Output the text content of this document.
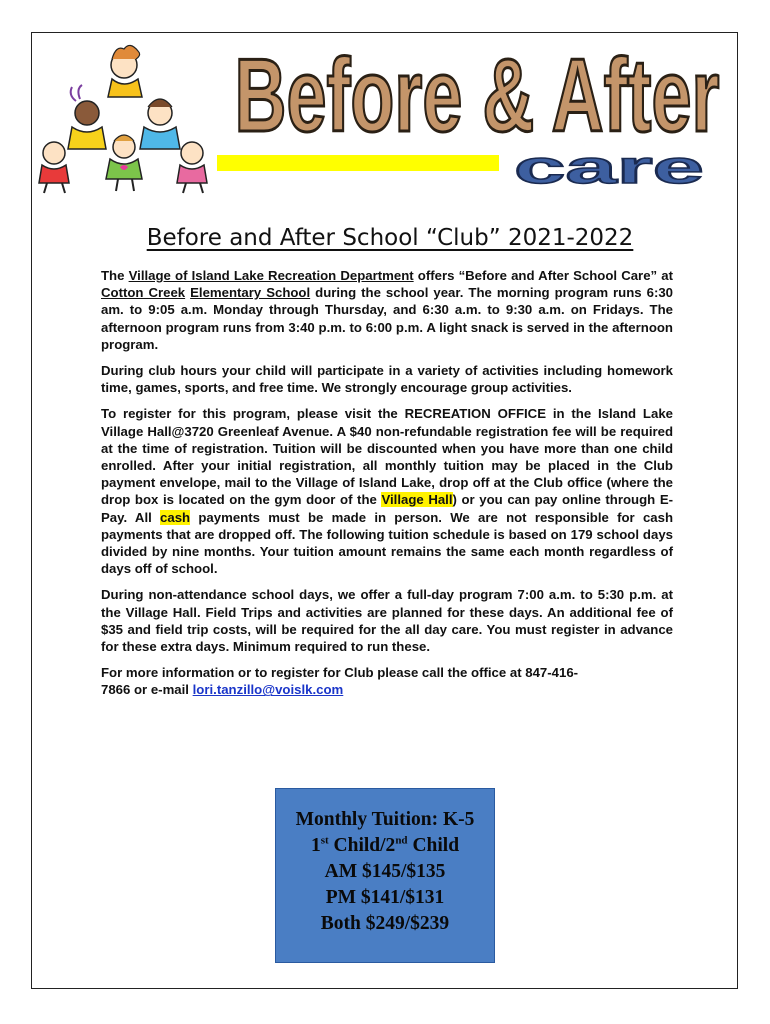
Before & After
care
Before and After School “Club” 2021-2022

The Village of Island Lake Recreation Department offers “Before and After School Care” at Cotton Creek Elementary School during the school year. The morning program runs 6:30 am. to 9:05 a.m. Monday through Thursday, and 6:30 a.m. to 9:30 a.m. on Fridays. The afternoon program runs from 3:40 p.m. to 6:00 p.m. A light snack is served in the afternoon program.

During club hours your child will participate in a variety of activities including homework time, games, sports, and free time. We strongly encourage group activities.

To register for this program, please visit the RECREATION OFFICE in the Island Lake Village Hall@3720 Greenleaf Avenue. A $40 non-refundable registration fee will be required at the time of registration. Tuition will be discounted when you have more than one child enrolled. After your initial registration, all monthly tuition may be placed in the Club payment envelope, mail to the Village of Island Lake, drop off at the Club office (where the drop box is located on the gym door of the Village Hall) or you can pay online through E-Pay. All cash payments must be made in person. We are not responsible for cash payments that are dropped off. The following tuition schedule is based on 179 school days divided by nine months. Your tuition amount remains the same each month regardless of days off of school.

During non-attendance school days, we offer a full-day program 7:00 a.m. to 5:30 p.m. at the Village Hall. Field Trips and activities are planned for these days. An additional fee of $35 and field trip costs, will be required for the all day care. You must register in advance for these extra days. Minimum required to run these.

For more information or to register for Club please call the office at 847-416-
7866 or e-mail lori.tanzillo@voislk.com

Monthly Tuition: K-5
1st Child/2nd Child
AM $145/$135
PM $141/$131
Both $249/$239
